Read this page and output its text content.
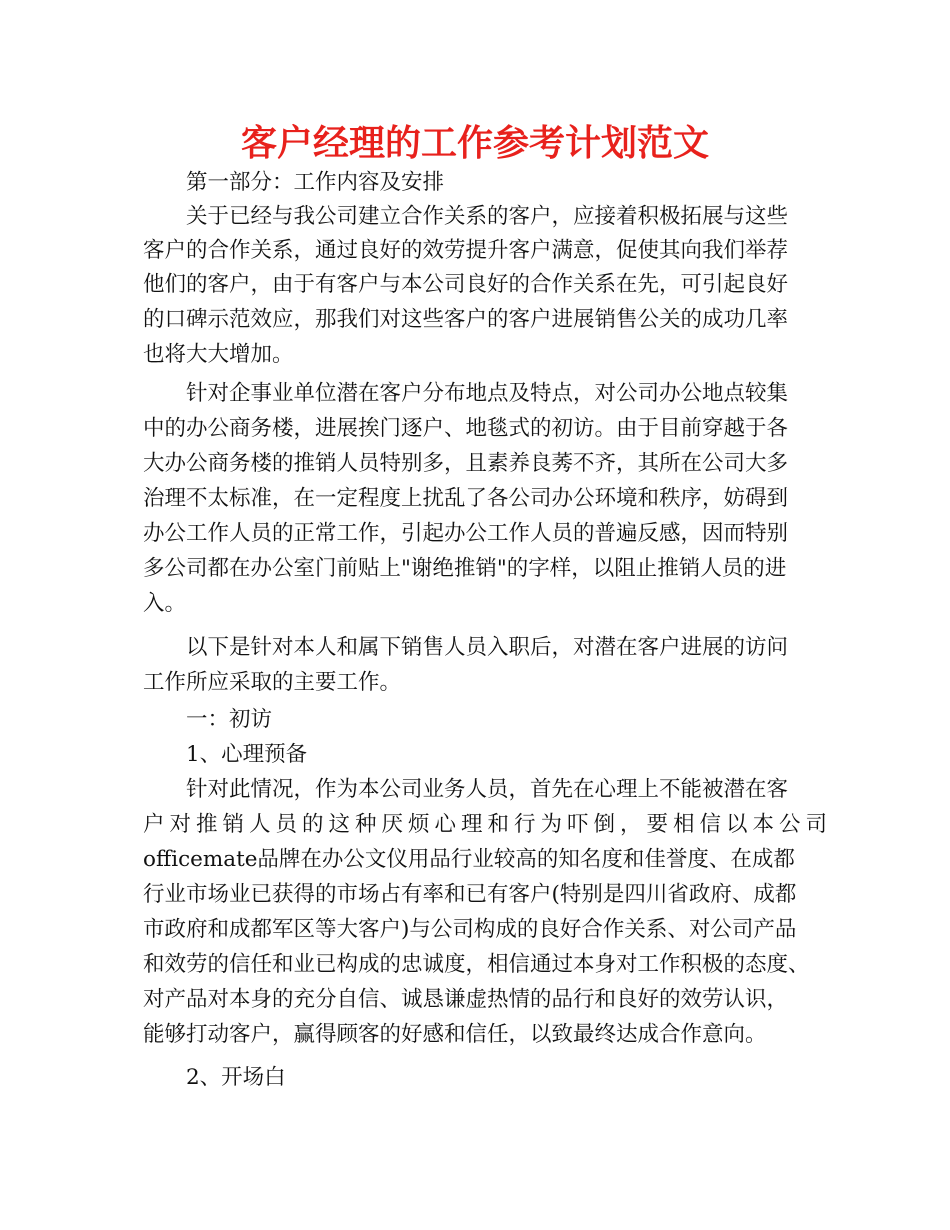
客户经理的工作参考计划范文

第一部分：工作内容及安排

关于已经与我公司建立合作关系的客户，应接着积极拓展与这些

客户的合作关系，通过良好的效劳提升客户满意，促使其向我们举荐

他们的客户，由于有客户与本公司良好的合作关系在先，可引起良好

的口碑示范效应，那我们对这些客户的客户进展销售公关的成功几率

也将大大增加。

针对企事业单位潜在客户分布地点及特点，对公司办公地点较集

中的办公商务楼，进展挨门逐户、地毯式的初访。由于目前穿越于各

大办公商务楼的推销人员特别多，且素养良莠不齐，其所在公司大多

治理不太标准，在一定程度上扰乱了各公司办公环境和秩序，妨碍到

办公工作人员的正常工作，引起办公工作人员的普遍反感，因而特别

多公司都在办公室门前贴上"谢绝推销"的字样，以阻止推销人员的进

入。

以下是针对本人和属下销售人员入职后，对潜在客户进展的访问

工作所应采取的主要工作。

一：初访

1、心理预备

针对此情况，作为本公司业务人员，首先在心理上不能被潜在客

户对推销人员的这种厌烦心理和行为吓倒，要相信以本公司

officemate品牌在办公文仪用品行业较高的知名度和佳誉度、在成都

行业市场业已获得的市场占有率和已有客户(特别是四川省政府、成都

市政府和成都军区等大客户)与公司构成的良好合作关系、对公司产品

和效劳的信任和业已构成的忠诚度，相信通过本身对工作积极的态度、

对产品对本身的充分自信、诚恳谦虚热情的品行和良好的效劳认识，

能够打动客户，赢得顾客的好感和信任，以致最终达成合作意向。

2、开场白
